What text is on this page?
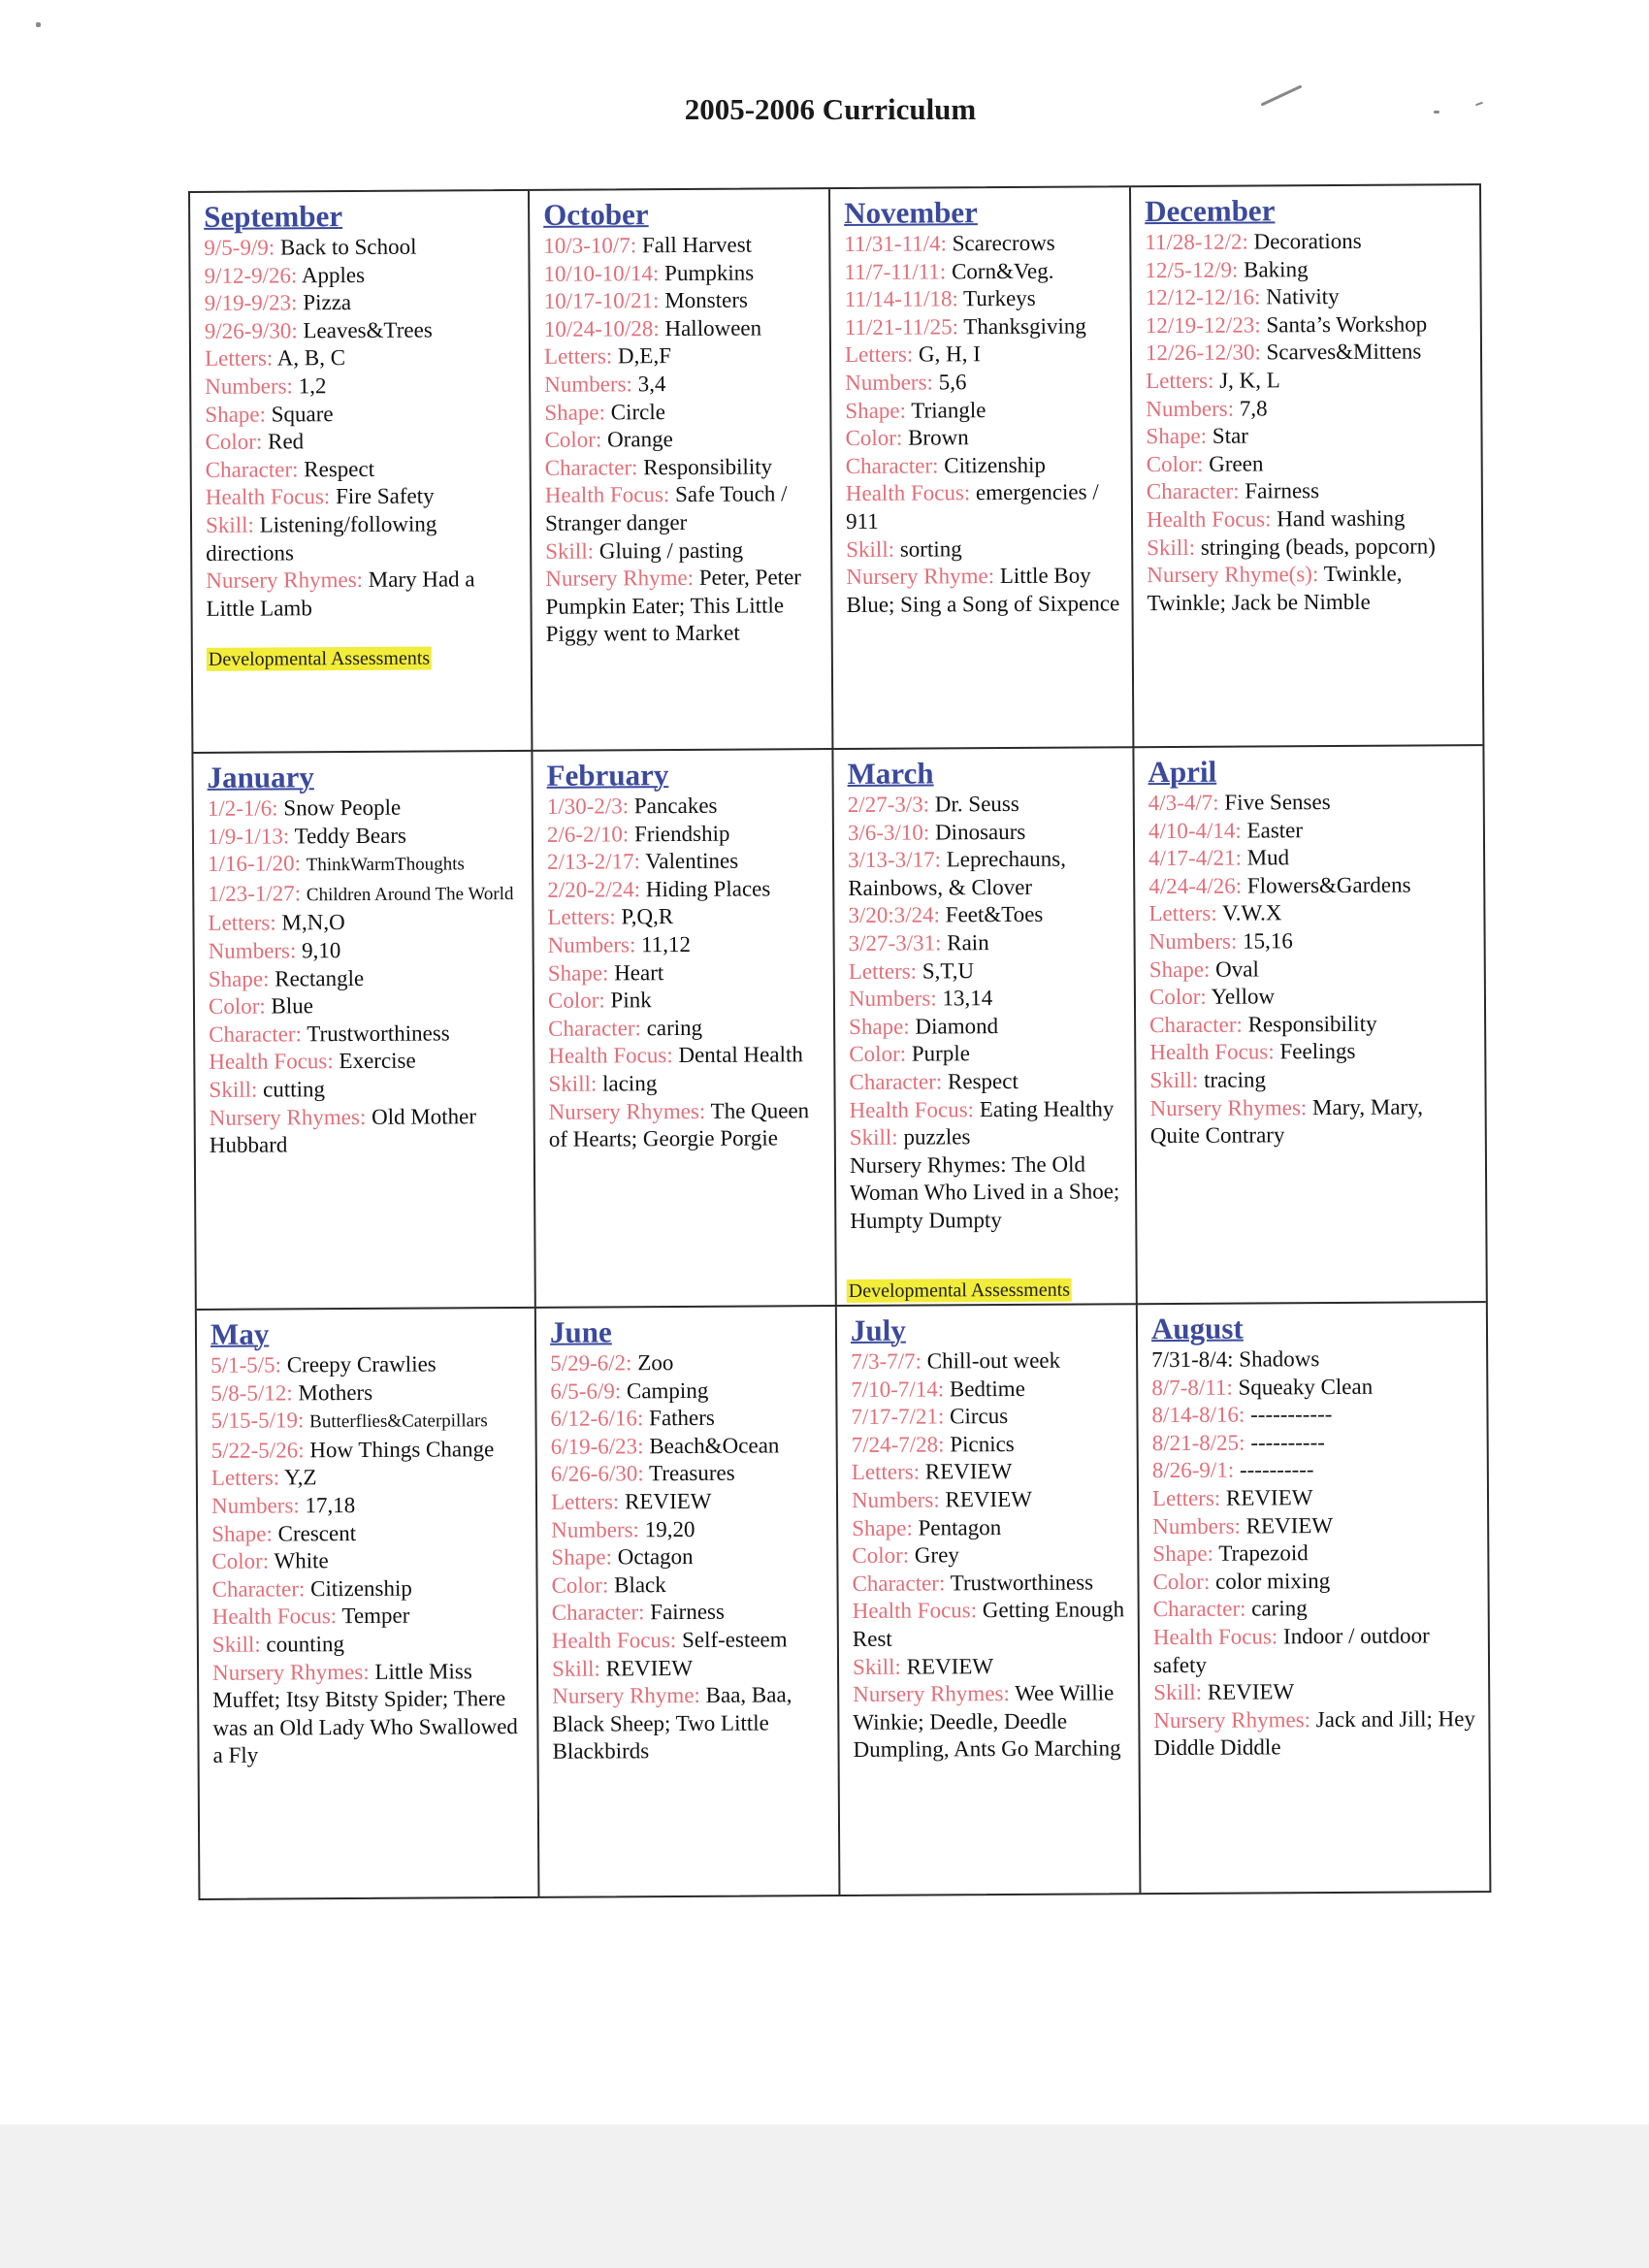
2005-2006 Curriculum
September
9/5-9/9: Back to School
9/12-9/26: Apples
9/19-9/23: Pizza
9/26-9/30: Leaves&Trees
Letters: A, B, C
Numbers: 1,2
Shape: Square
Color: Red
Character: Respect
Health Focus: Fire Safety
Skill: Listening/following directions
Nursery Rhymes: Mary Had a Little Lamb
Developmental Assessments
October
10/3-10/7: Fall Harvest
10/10-10/14: Pumpkins
10/17-10/21: Monsters
10/24-10/28: Halloween
Letters: D,E,F
Numbers: 3,4
Shape: Circle
Color: Orange
Character: Responsibility
Health Focus: Safe Touch / Stranger danger
Skill: Gluing / pasting
Nursery Rhyme: Peter, Peter Pumpkin Eater; This Little Piggy went to Market
November
11/31-11/4: Scarecrows
11/7-11/11: Corn&Veg.
11/14-11/18: Turkeys
11/21-11/25: Thanksgiving
Letters: G, H, I
Numbers: 5,6
Shape: Triangle
Color: Brown
Character: Citizenship
Health Focus: emergencies / 911
Skill: sorting
Nursery Rhyme: Little Boy Blue; Sing a Song of Sixpence
December
11/28-12/2: Decorations
12/5-12/9: Baking
12/12-12/16: Nativity
12/19-12/23: Santa’s Workshop
12/26-12/30: Scarves&Mittens
Letters: J, K, L
Numbers: 7,8
Shape: Star
Color: Green
Character: Fairness
Health Focus: Hand washing
Skill: stringing (beads, popcorn)
Nursery Rhyme(s): Twinkle, Twinkle; Jack be Nimble
January
1/2-1/6: Snow People
1/9-1/13: Teddy Bears
1/16-1/20: ThinkWarmThoughts
1/23-1/27: Children Around The World
Letters: M,N,O
Numbers: 9,10
Shape: Rectangle
Color: Blue
Character: Trustworthiness
Health Focus: Exercise
Skill: cutting
Nursery Rhymes: Old Mother Hubbard
February
1/30-2/3: Pancakes
2/6-2/10: Friendship
2/13-2/17: Valentines
2/20-2/24: Hiding Places
Letters: P,Q,R
Numbers: 11,12
Shape: Heart
Color: Pink
Character: caring
Health Focus: Dental Health
Skill: lacing
Nursery Rhymes: The Queen of Hearts; Georgie Porgie
March
2/27-3/3: Dr. Seuss
3/6-3/10: Dinosaurs
3/13-3/17: Leprechauns, Rainbows, & Clover
3/20:3/24: Feet&Toes
3/27-3/31: Rain
Letters: S,T,U
Numbers: 13,14
Shape: Diamond
Color: Purple
Character: Respect
Health Focus: Eating Healthy
Skill: puzzles
Nursery Rhymes: The Old Woman Who Lived in a Shoe; Humpty Dumpty
Developmental Assessments
April
4/3-4/7: Five Senses
4/10-4/14: Easter
4/17-4/21: Mud
4/24-4/26: Flowers&Gardens
Letters: V.W.X
Numbers: 15,16
Shape: Oval
Color: Yellow
Character: Responsibility
Health Focus: Feelings
Skill: tracing
Nursery Rhymes: Mary, Mary, Quite Contrary
May
5/1-5/5: Creepy Crawlies
5/8-5/12: Mothers
5/15-5/19: Butterflies&Caterpillars
5/22-5/26: How Things Change
Letters: Y,Z
Numbers: 17,18
Shape: Crescent
Color: White
Character: Citizenship
Health Focus: Temper
Skill: counting
Nursery Rhymes: Little Miss Muffet; Itsy Bitsty Spider; There was an Old Lady Who Swallowed a Fly
June
5/29-6/2: Zoo
6/5-6/9: Camping
6/12-6/16: Fathers
6/19-6/23: Beach&Ocean
6/26-6/30: Treasures
Letters: REVIEW
Numbers: 19,20
Shape: Octagon
Color: Black
Character: Fairness
Health Focus: Self-esteem
Skill: REVIEW
Nursery Rhyme: Baa, Baa, Black Sheep; Two Little Blackbirds
July
7/3-7/7: Chill-out week
7/10-7/14: Bedtime
7/17-7/21: Circus
7/24-7/28: Picnics
Letters: REVIEW
Numbers: REVIEW
Shape: Pentagon
Color: Grey
Character: Trustworthiness
Health Focus: Getting Enough Rest
Skill: REVIEW
Nursery Rhymes: Wee Willie Winkie; Deedle, Deedle Dumpling, Ants Go Marching
August
7/31-8/4: Shadows
8/7-8/11: Squeaky Clean
8/14-8/16: -----------
8/21-8/25: ----------
8/26-9/1: ----------
Letters: REVIEW
Numbers: REVIEW
Shape: Trapezoid
Color: color mixing
Character: caring
Health Focus: Indoor / outdoor safety
Skill: REVIEW
Nursery Rhymes: Jack and Jill; Hey Diddle Diddle
